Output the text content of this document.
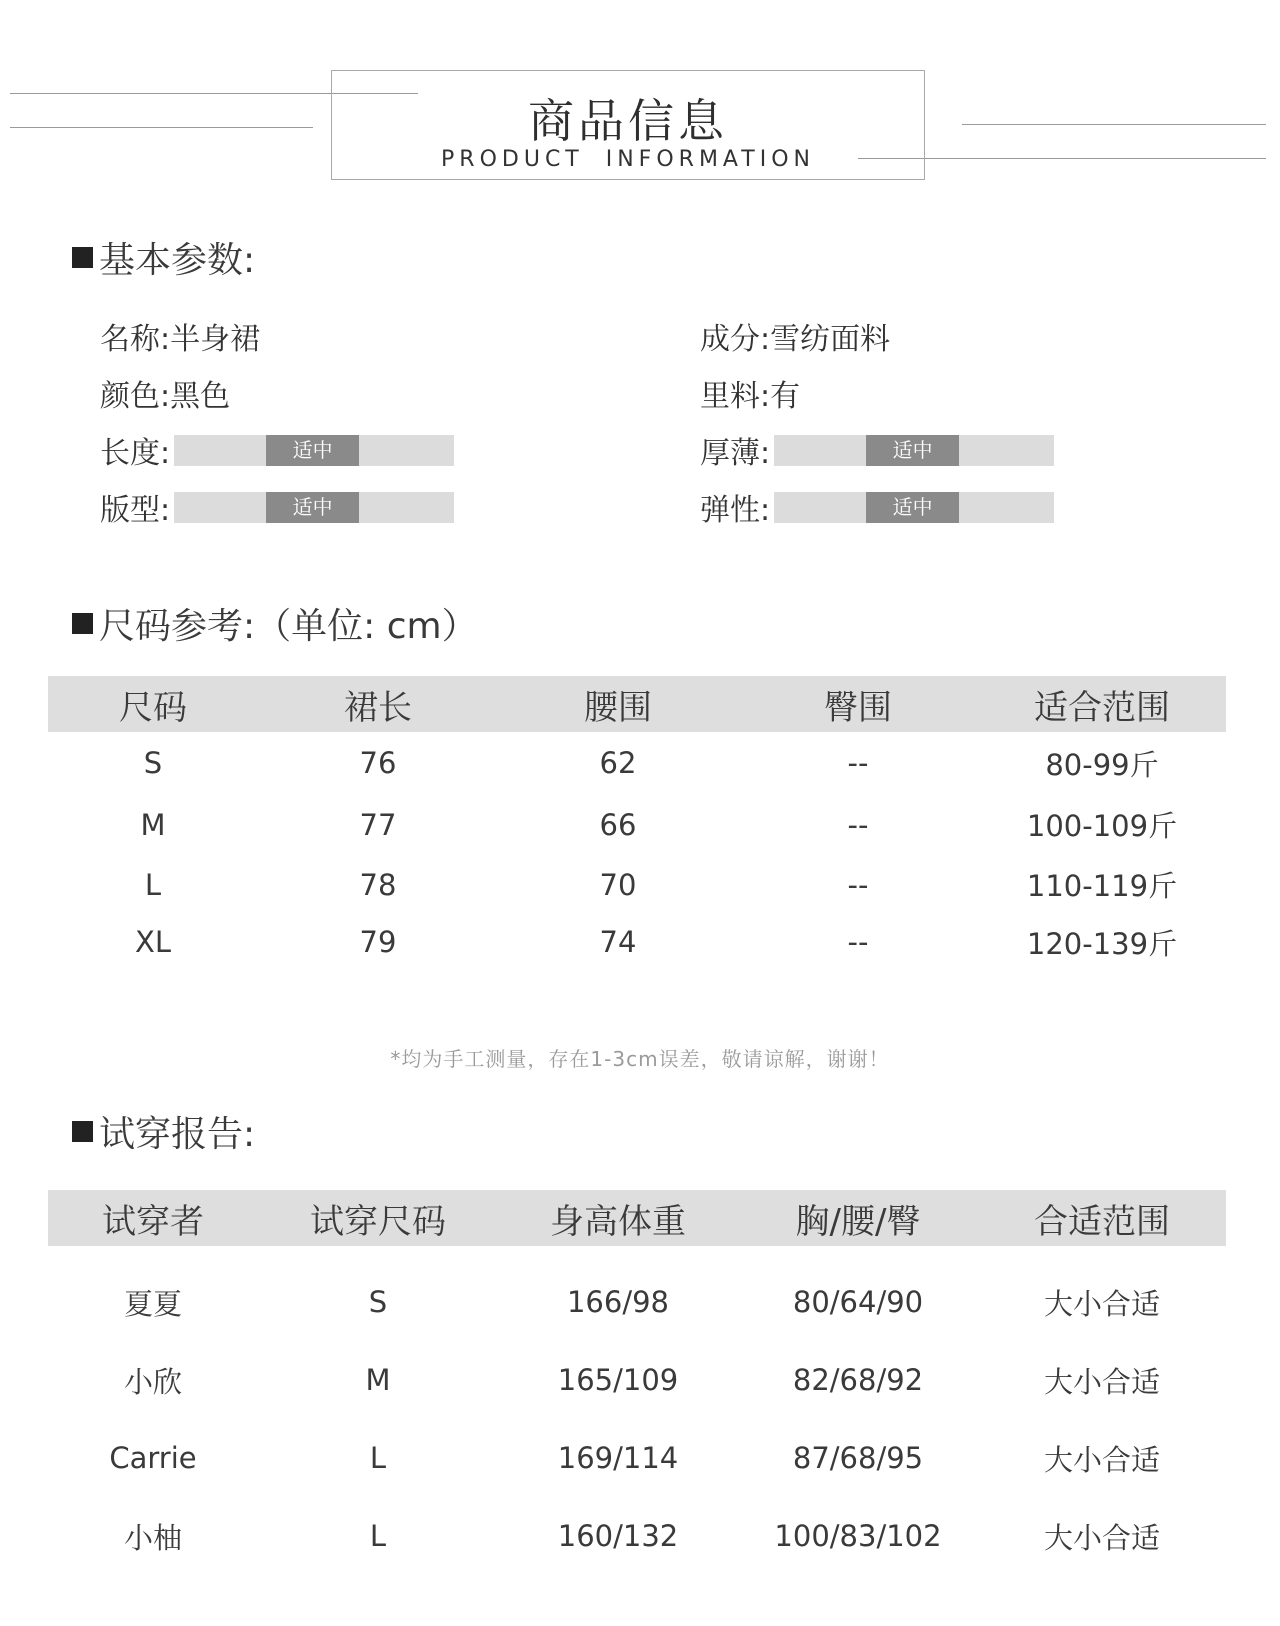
商品信息
PRODUCT INFORMATION
基本参数:
名称: 半身裙	成分: 雪纺面料
颜色: 黑色	里料: 有
长度:	适中	厚薄:	适中
版型:	适中	弹性:	适中
尺码参考:（单位: cm）
尺码	裙长	腰围	臀围	适合范围
S	76	62	--	80-99斤
M	77	66	--	100-109斤
L	78	70	--	110-119斤
XL	79	74	--	120-139斤
*均为手工测量，存在1-3cm误差，敬请谅解，谢谢！
试穿报告:
试穿者	试穿尺码	身高体重	胸/腰/臀	合适范围
夏夏	S	166/98	80/64/90	大小合适
小欣	M	165/109	82/68/92	大小合适
Carrie	L	169/114	87/68/95	大小合适
小柚	L	160/132	100/83/102	大小合适
